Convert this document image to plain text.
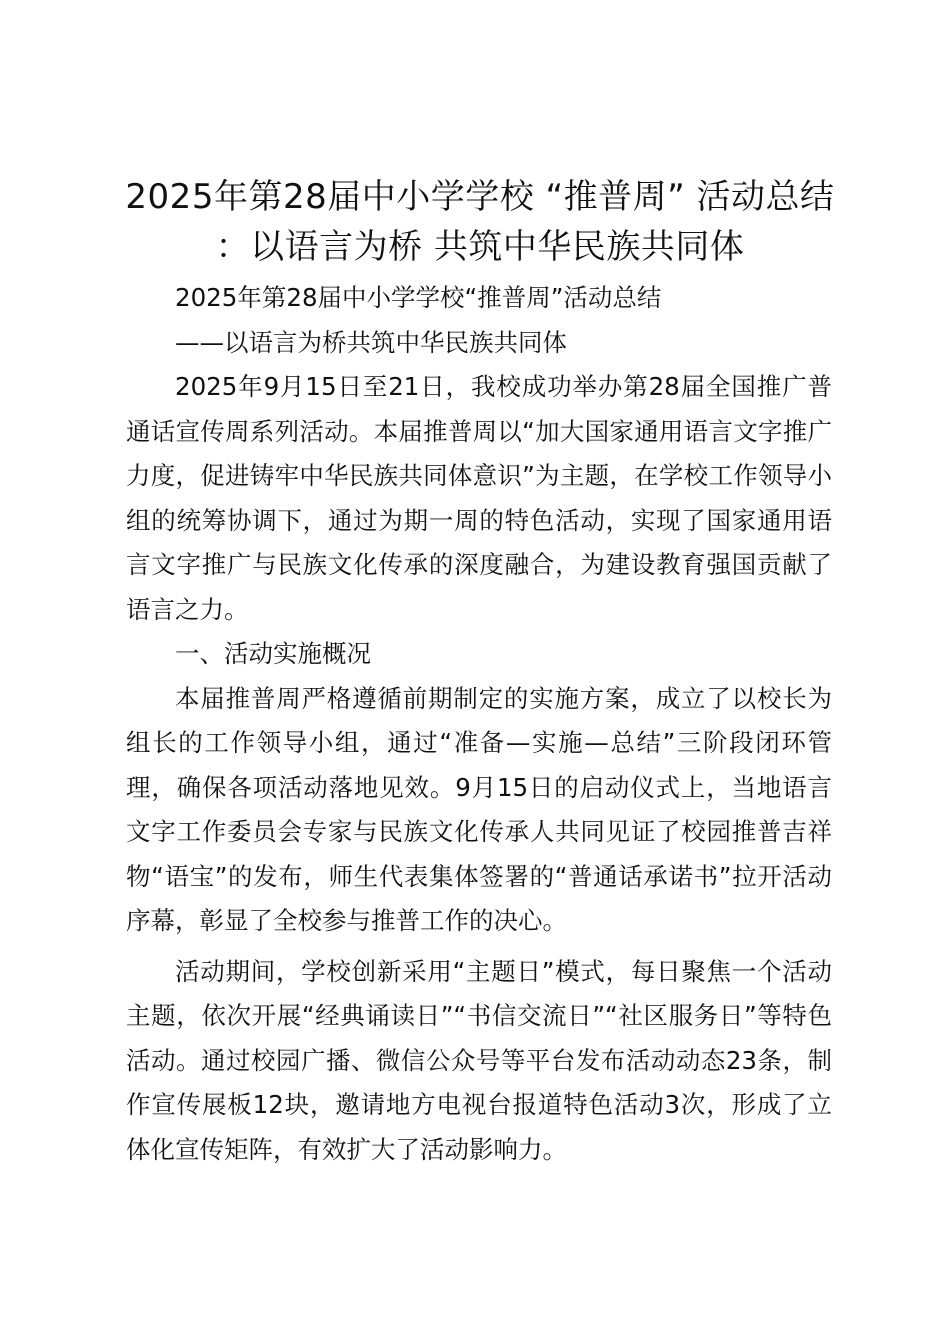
2025年第28届中小学学校 “推普周” 活动总结 ：以语言为桥 共筑中华民族共同体

2025年第28届中小学学校“推普周”活动总结

——以语言为桥共筑中华民族共同体

2025年9月15日至21日，我校成功举办第28届全国推广普通话宣传周系列活动。本届推普周以“加大国家通用语言文字推广力度，促进铸牢中华民族共同体意识”为主题，在学校工作领导小组的统筹协调下，通过为期一周的特色活动，实现了国家通用语言文字推广与民族文化传承的深度融合，为建设教育强国贡献了语言之力。

一、活动实施概况

本届推普周严格遵循前期制定的实施方案，成立了以校长为组长的工作领导小组，通过“准备—实施—总结”三阶段闭环管理，确保各项活动落地见效。9月15日的启动仪式上，当地语言文字工作委员会专家与民族文化传承人共同见证了校园推普吉祥物“语宝”的发布，师生代表集体签署的“普通话承诺书”拉开活动序幕，彰显了全校参与推普工作的决心。

活动期间，学校创新采用“主题日”模式，每日聚焦一个活动主题，依次开展“经典诵读日”“书信交流日”“社区服务日”等特色活动。通过校园广播、微信公众号等平台发布活动动态23条，制作宣传展板12块，邀请地方电视台报道特色活动3次，形成了立体化宣传矩阵，有效扩大了活动影响力。
